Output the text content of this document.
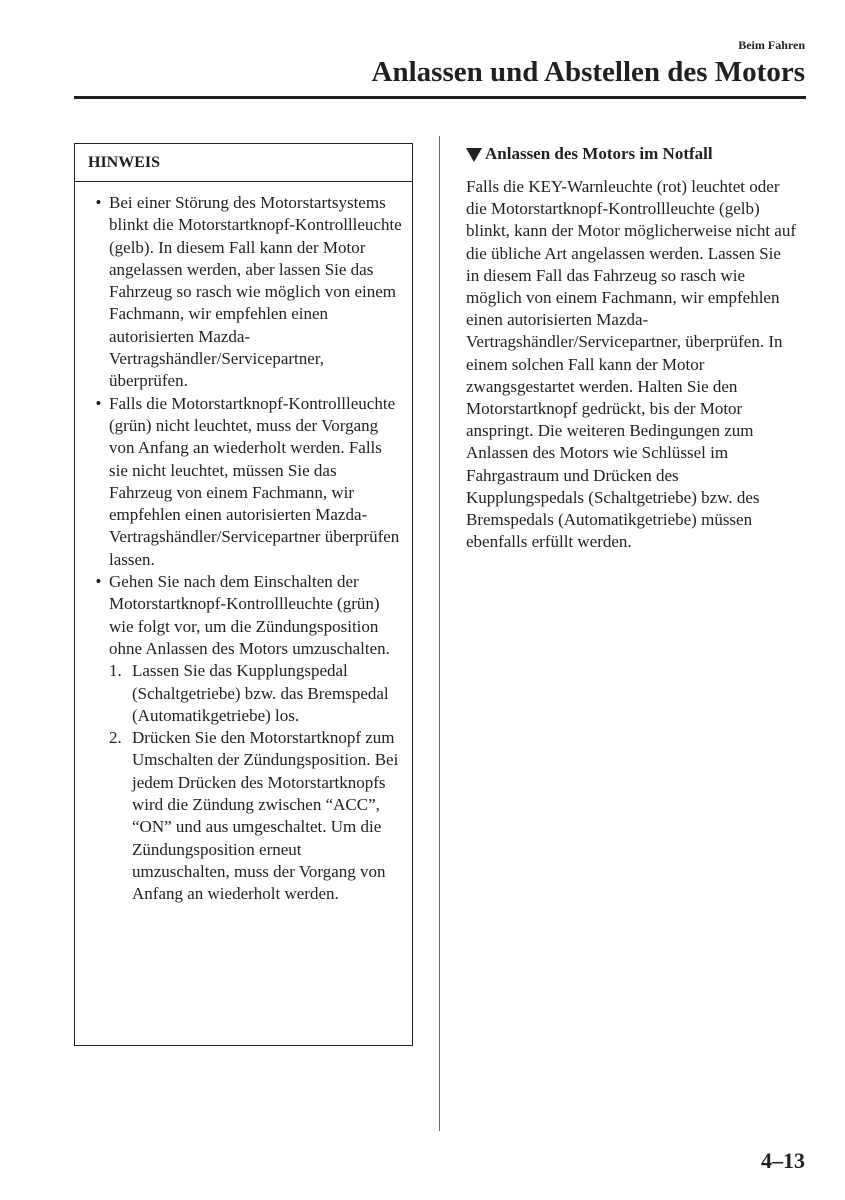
Beim Fahren
Anlassen und Abstellen des Motors
HINWEIS
• Bei einer Störung des Motorstartsystems blinkt die Motorstartknopf-Kontrollleuchte (gelb). In diesem Fall kann der Motor angelassen werden, aber lassen Sie das Fahrzeug so rasch wie möglich von einem Fachmann, wir empfehlen einen autorisierten Mazda-Vertragshändler/Servicepartner, überprüfen.
• Falls die Motorstartknopf-Kontrollleuchte (grün) nicht leuchtet, muss der Vorgang von Anfang an wiederholt werden. Falls sie nicht leuchtet, müssen Sie das Fahrzeug von einem Fachmann, wir empfehlen einen autorisierten Mazda-Vertragshändler/Servicepartner überprüfen lassen.
• Gehen Sie nach dem Einschalten der Motorstartknopf-Kontrollleuchte (grün) wie folgt vor, um die Zündungsposition ohne Anlassen des Motors umzuschalten.
1. Lassen Sie das Kupplungspedal (Schaltgetriebe) bzw. das Bremspedal (Automatikgetriebe) los.
2. Drücken Sie den Motorstartknopf zum Umschalten der Zündungsposition. Bei jedem Drücken des Motorstartknopfs wird die Zündung zwischen “ACC”, “ON” und aus umgeschaltet. Um die Zündungsposition erneut umzuschalten, muss der Vorgang von Anfang an wiederholt werden.
Anlassen des Motors im Notfall

Falls die KEY-Warnleuchte (rot) leuchtet oder die Motorstartknopf-Kontrollleuchte (gelb) blinkt, kann der Motor möglicherweise nicht auf die übliche Art angelassen werden. Lassen Sie in diesem Fall das Fahrzeug so rasch wie möglich von einem Fachmann, wir empfehlen einen autorisierten Mazda-Vertragshändler/Servicepartner, überprüfen. In einem solchen Fall kann der Motor zwangsgestartet werden. Halten Sie den Motorstartknopf gedrückt, bis der Motor anspringt. Die weiteren Bedingungen zum Anlassen des Motors wie Schlüssel im Fahrgastraum und Drücken des Kupplungspedals (Schaltgetriebe) bzw. des Bremspedals (Automatikgetriebe) müssen ebenfalls erfüllt werden.

4–13
